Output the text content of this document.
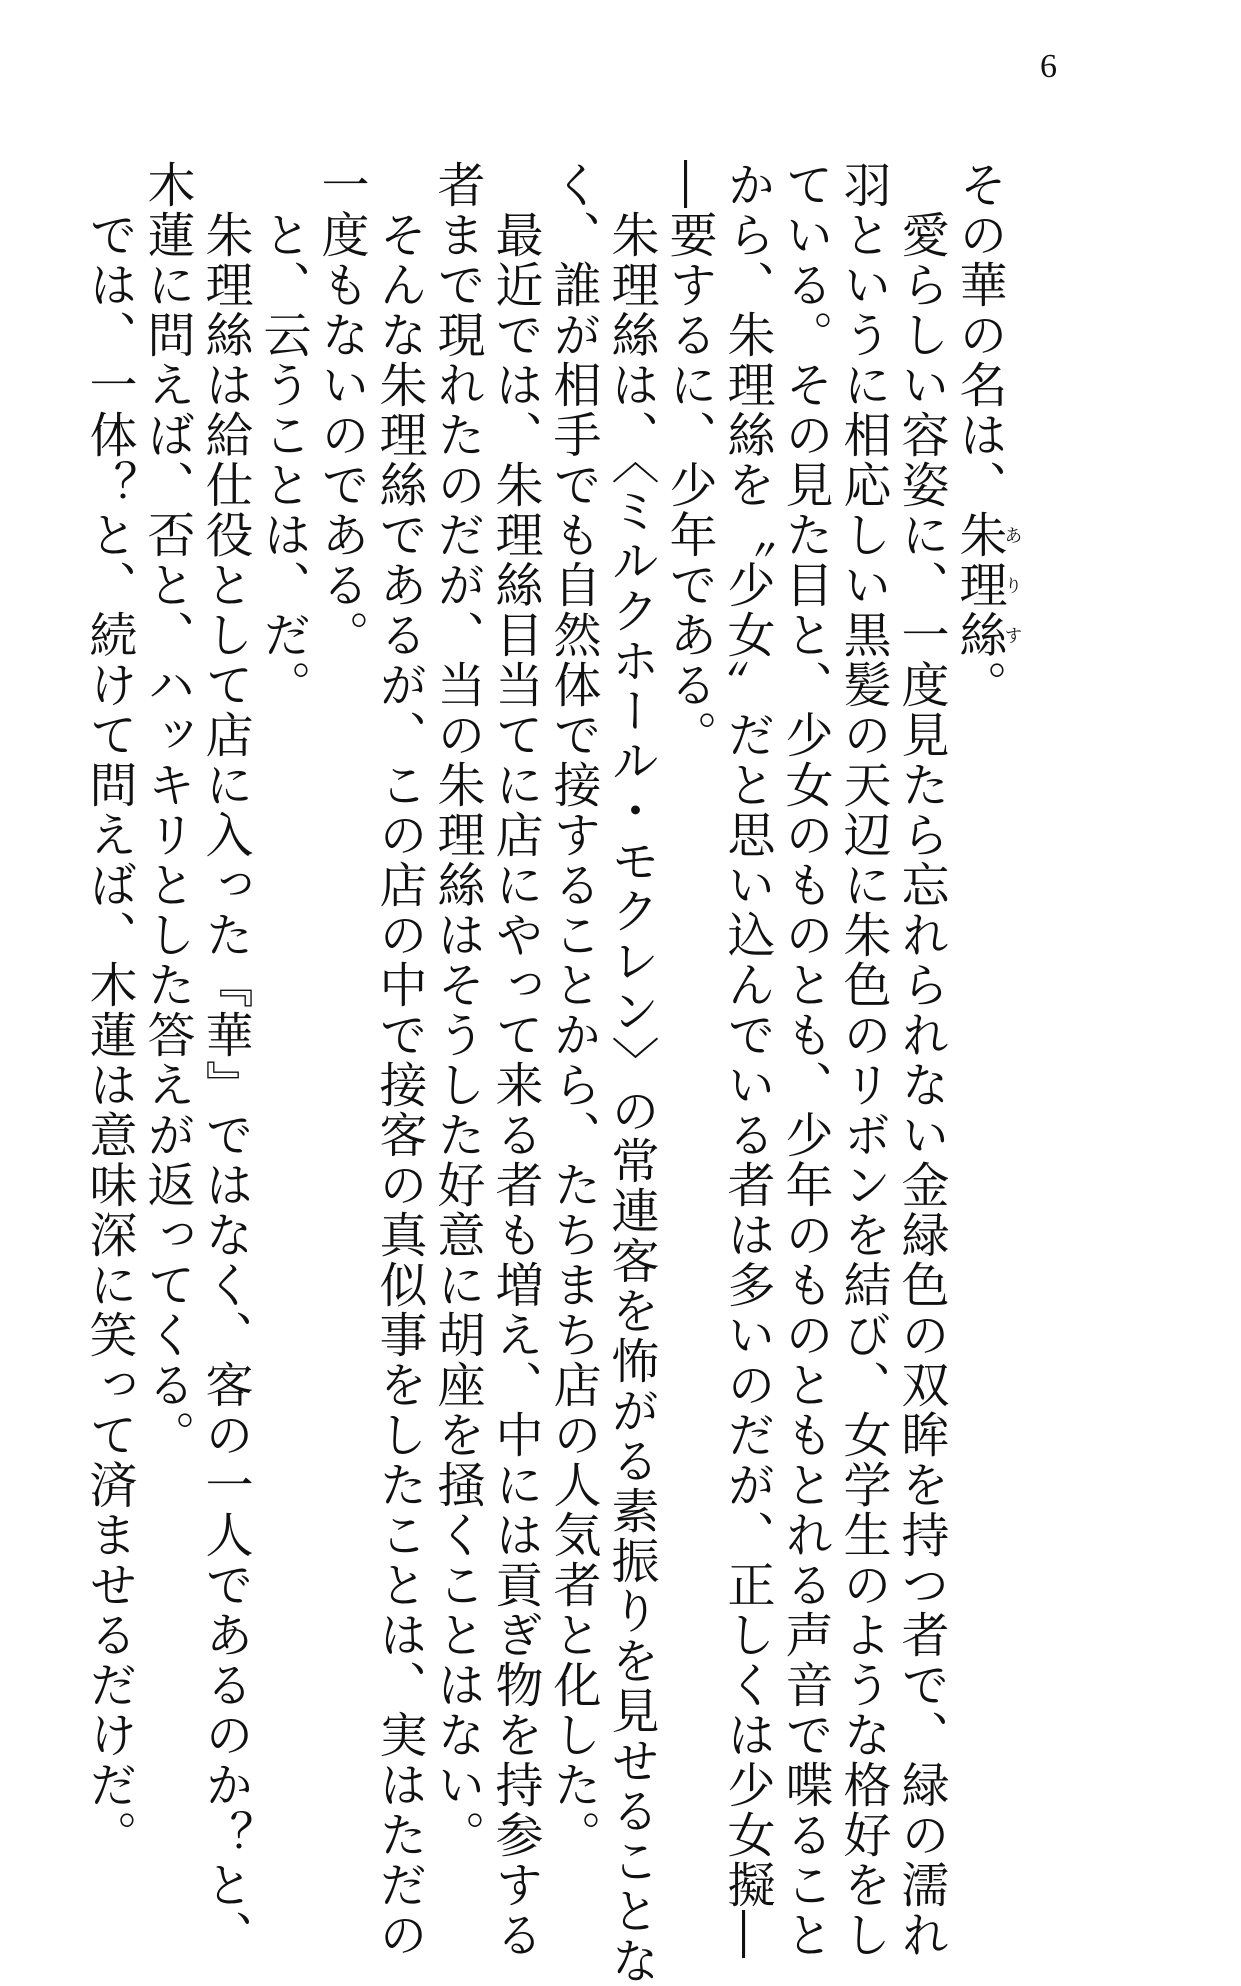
6

その華の名は、朱理絲ありす。

　愛らしい容姿に、一度見たら忘れられない金緑色の双眸を持つ者で、緑の濡れ

羽というに相応しい黒髪の天辺に朱色のリボンを結び、女学生のような格好をし

ている。その見た目と、少女のものとも、少年のものともとれる声音で喋ること

から、朱理絲を〝少女〟だと思い込んでいる者は多いのだが、正しくは少女擬―

―要するに、少年である。

　朱理絲は、〈ミルクホール・モクレン〉の常連客を怖がる素振りを見せることな

く、誰が相手でも自然体で接することから、たちまち店の人気者と化した。

　最近では、朱理絲目当てに店にやって来る者も増え、中には貢ぎ物を持参する

者まで現れたのだが、当の朱理絲はそうした好意に胡座を掻くことはない。

　そんな朱理絲であるが、この店の中で接客の真似事をしたことは、実はただの

一度もないのである。

　と、云うことは、だ。

　朱理絲は給仕役として店に入った『華』ではなく、客の一人であるのか？と、

木蓮に問えば、否と、ハッキリとした答えが返ってくる。

　では、一体？と、続けて問えば、木蓮は意味深に笑って済ませるだけだ。
